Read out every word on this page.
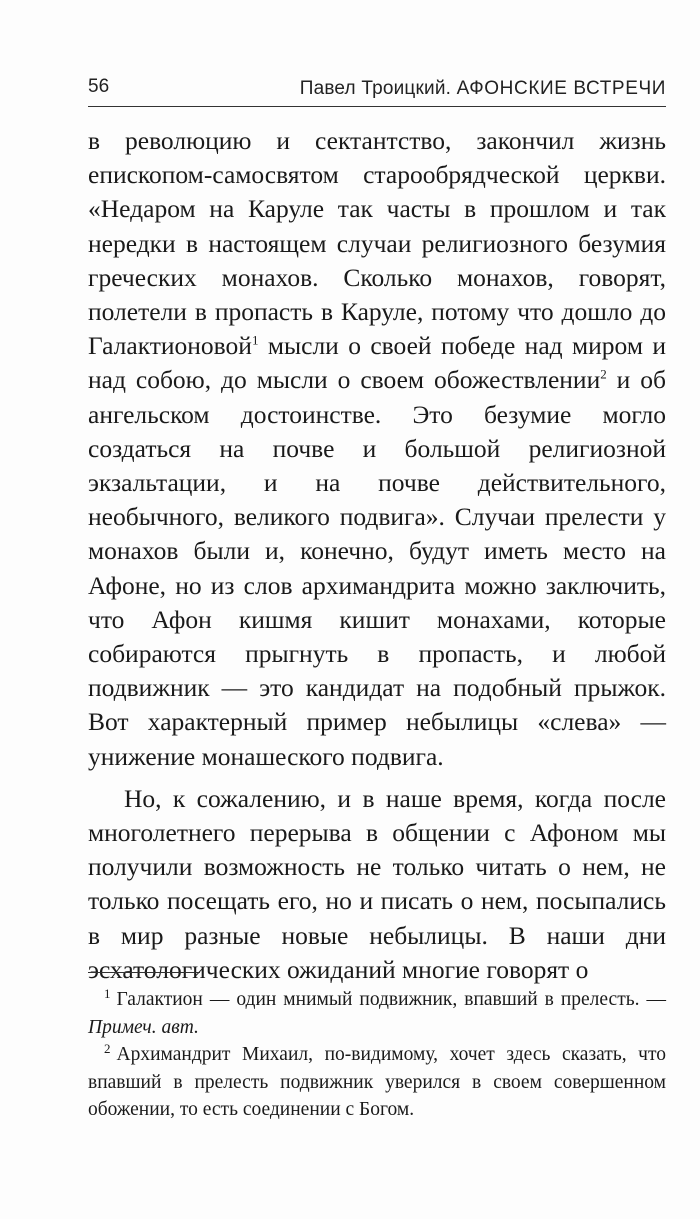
56	Павел Троицкий. АФОНСКИЕ ВСТРЕЧИ

в революцию и сектантство, закончил жизнь епископом-самосвятом старообрядческой церкви. «Недаром на Каруле так часты в прошлом и так нередки в настоящем случаи религиозного безумия греческих монахов. Сколько монахов, говорят, полетели в пропасть в Каруле, потому что дошло до Галактионовой$^1$ мысли о своей победе над миром и над собою, до мысли о своем обожествлении$^2$ и об ангельском достоинстве. Это безумие могло создаться на почве и большой религиозной экзальтации, и на почве действительного, необычного, великого подвига». Случаи прелести у монахов были и, конечно, будут иметь место на Афоне, но из слов архимандрита можно заключить, что Афон кишмя кишит монахами, которые собираются прыгнуть в пропасть, и любой подвижник — это кандидат на подобный прыжок. Вот характерный пример небылицы «слева» — унижение монашеского подвига.

Но, к сожалению, и в наше время, когда после многолетнего перерыва в общении с Афоном мы получили возможность не только читать о нем, не только посещать его, но и писать о нем, посыпались в мир разные новые небылицы. В наши дни эсхатологических ожиданий многие говорят о

$^1$ Галактион — один мнимый подвижник, впавший в прелесть. — Примеч. авт.

$^2$ Архимандрит Михаил, по-видимому, хочет здесь сказать, что впавший в прелесть подвижник уверился в своем совершенном обожении, то есть соединении с Богом.
